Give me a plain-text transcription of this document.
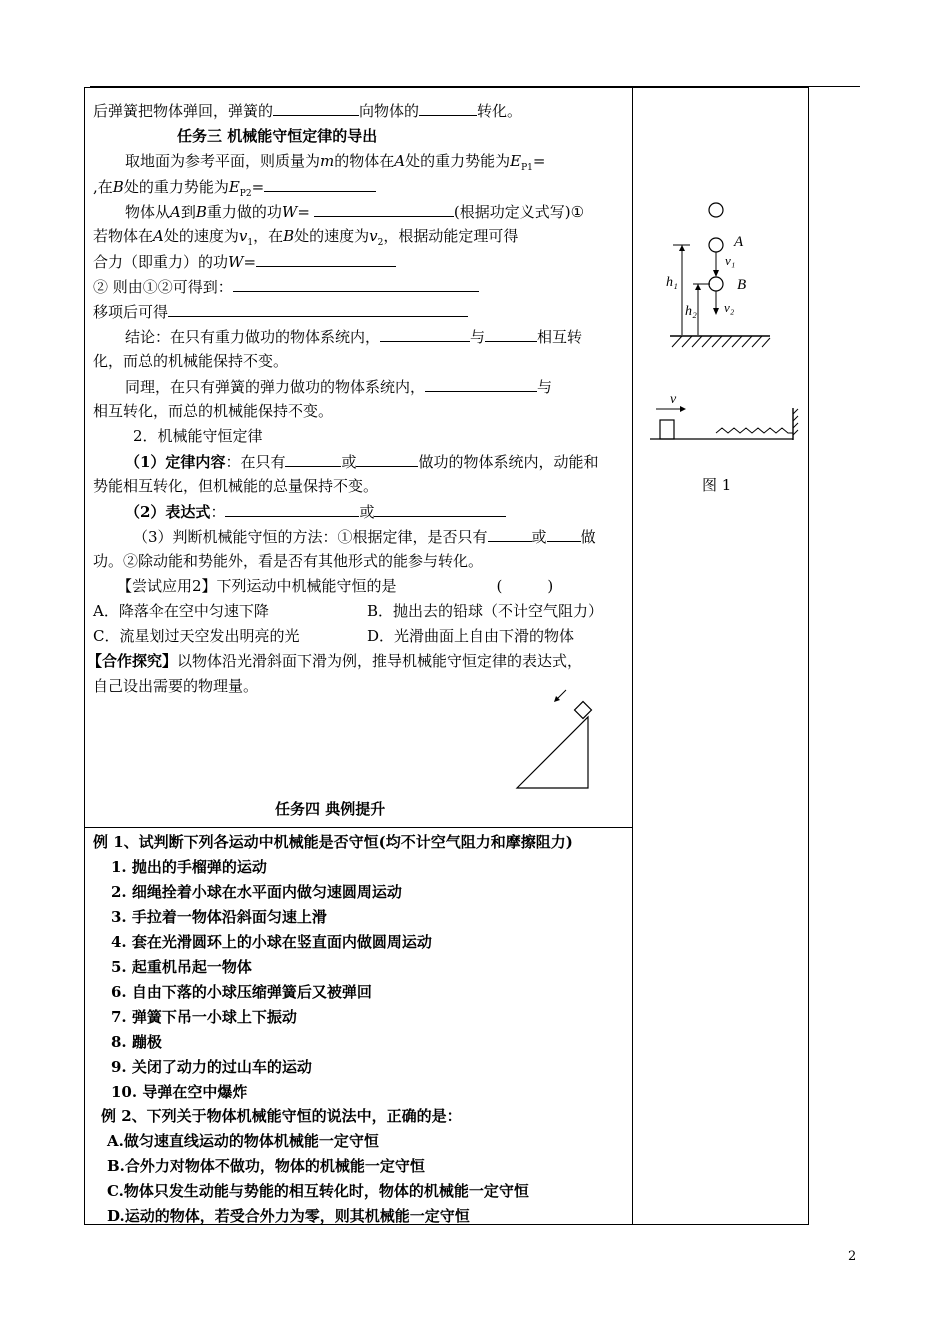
后弹簧把物体弹回，弹簧的	向物体的	转化。
任务三 机械能守恒定律的导出
取地面为参考平面，则质量为m的物体在A处的重力势能为$E_{P1}=$
,在B处的重力势能为$E_{P2}=$
物体从A到B重力做的功W=	(根据功定义式写)①
若物体在A处的速度为$v_1$，在B处的速度为$v_2$，根据动能定理可得
合力（即重力）的功W=
② 则由①②可得到：
移项后可得
结论：在只有重力做功的物体系统内，	与	相互转
化，而总的机械能保持不变。
同理，在只有弹簧的弹力做功的物体系统内，	与
相互转化，而总的机械能保持不变。
2．机械能守恒定律
（1）定律内容：在只有	或	做功的物体系统内，动能和
势能相互转化，但机械能的总量保持不变。
（2）表达式：	或
（3）判断机械能守恒的方法：①根据定律，是否只有	或 做
功。②除动能和势能外，看是否有其他形式的能参与转化。
【尝试应用2】下列运动中机械能守恒的是	(　　　)
A．降落伞在空中匀速下降	B．抛出去的铅球（不计空气阻力）
C．流星划过天空发出明亮的光	D．光滑曲面上自由下滑的物体
【合作探究】以物体沿光滑斜面下滑为例，推导机械能守恒定律的表达式，
自己设出需要的物理量。
任务四 典例提升
例 1、试判断下列各运动中机械能是否守恒(均不计空气阻力和摩擦阻力)
1. 抛出的手榴弹的运动
2. 细绳拴着小球在水平面内做匀速圆周运动
3. 手拉着一物体沿斜面匀速上滑
4. 套在光滑圆环上的小球在竖直面内做圆周运动
5. 起重机吊起一物体
6. 自由下落的小球压缩弹簧后又被弹回
7. 弹簧下吊一小球上下振动
8. 蹦极
9. 关闭了动力的过山车的运动
10. 导弹在空中爆炸
例 2、下列关于物体机械能守恒的说法中，正确的是：
A.做匀速直线运动的物体机械能一定守恒
B.合外力对物体不做功，物体的机械能一定守恒
C.物体只发生动能与势能的相互转化时，物体的机械能一定守恒
D.运动的物体，若受合外力为零，则其机械能一定守恒
A
v₁
B
v₂
h₁
h₂
v
图 1
2
